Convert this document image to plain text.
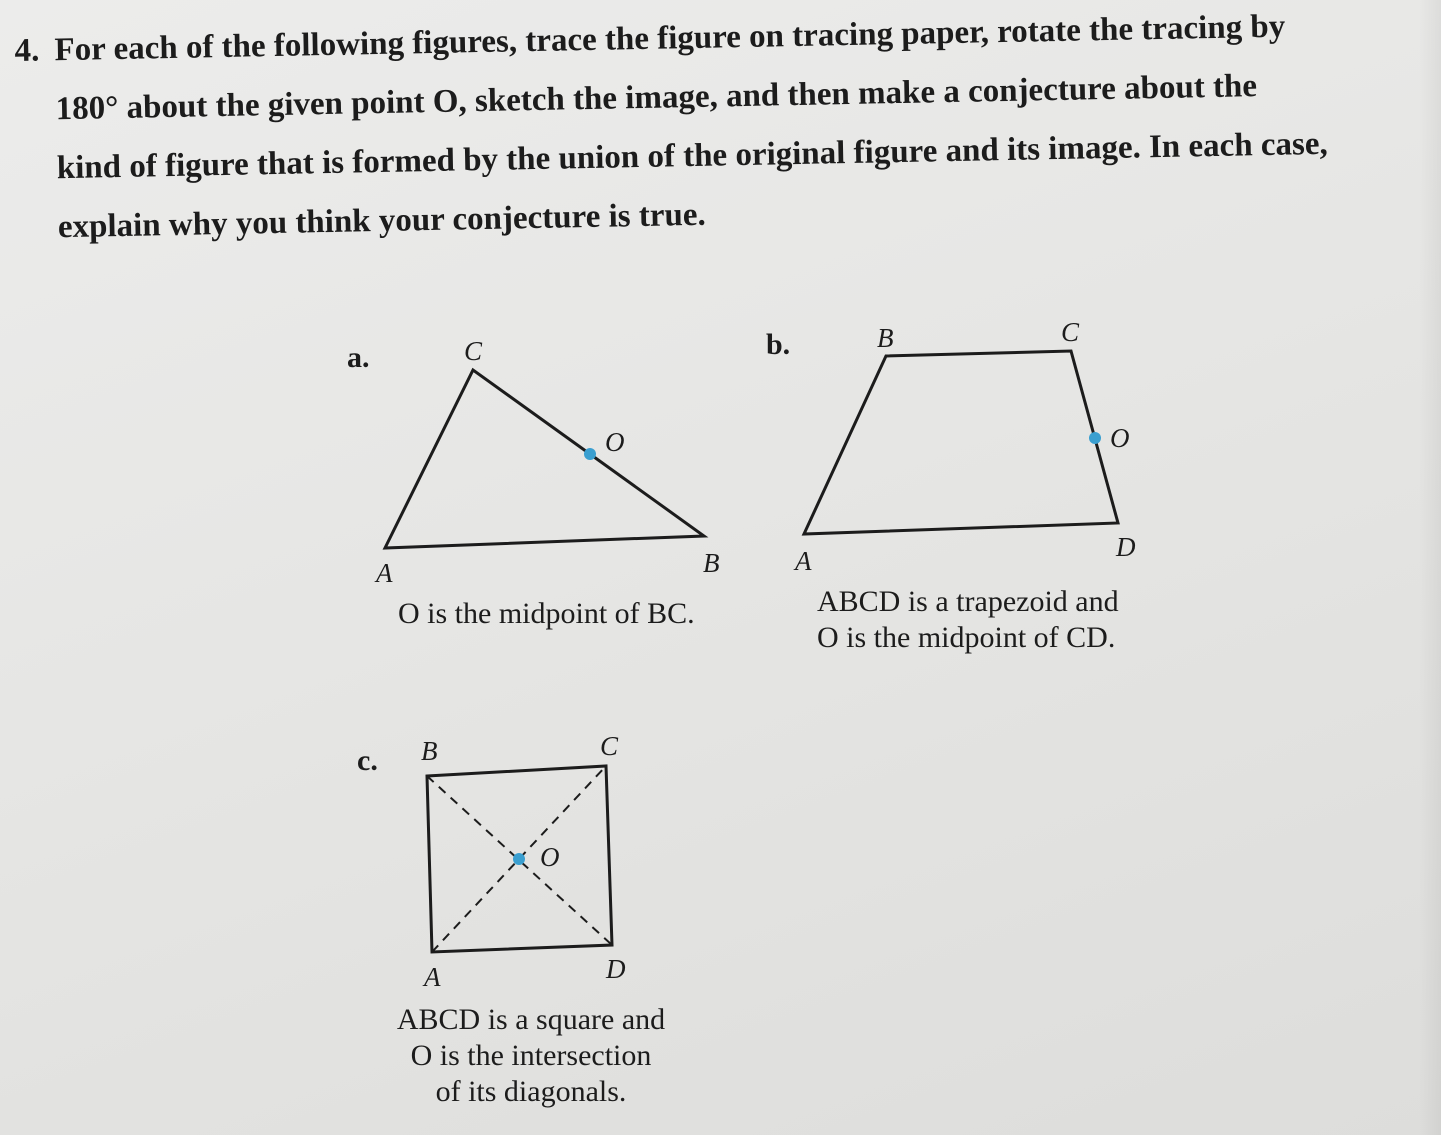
4. For each of the following figures, trace the figure on tracing paper, rotate the tracing by
180° about the given point O, sketch the image, and then make a conjecture about the
kind of figure that is formed by the union of the original figure and its image. In each case,
explain why you think your conjecture is true.
a.
A	B
C
O
b.
A
B	C
D
O
c.
A
B	C
D
O
O is the midpoint of BC.	ABCD is a trapezoid and
O is the midpoint of CD.
ABCD is a square and
O is the intersection
of its diagonals.
